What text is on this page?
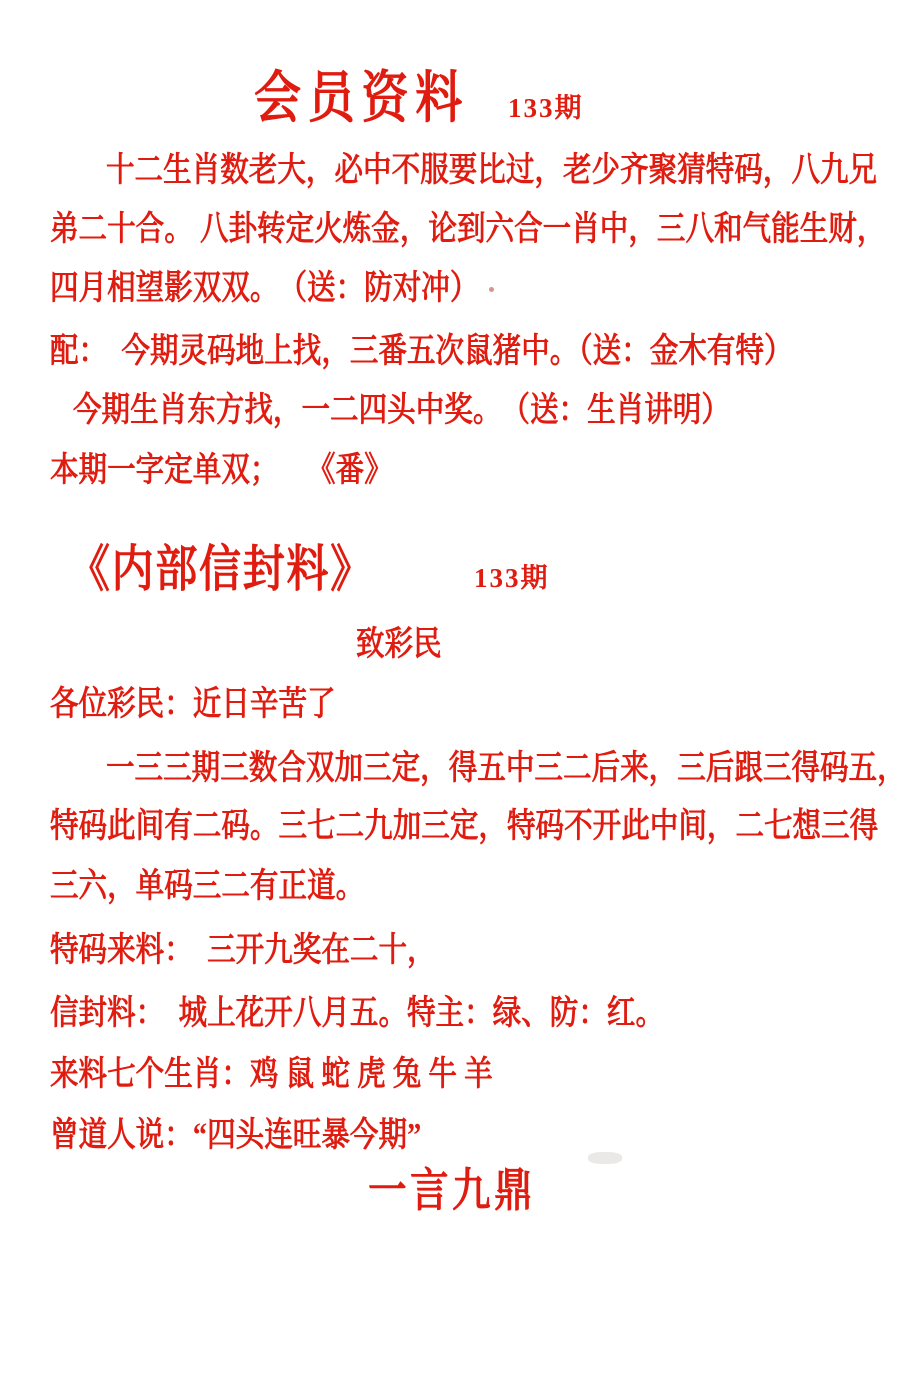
会员资料 133期
十二生肖数老大，必中不服要比过，老少齐聚猜特码，八九兄
弟二十合。 八卦转定火炼金，论到六合一肖中，三八和气能生财，
四月相望影双双。　（送：防对冲）
配：　今期灵码地上找，三番五次鼠猪中。（送：金木有特）
今期生肖东方找，一二四头中奖。　（送：生肖讲明）
本期一字定单双；　　《番》
《内部信封料》	133期
致彩民
各位彩民：近日辛苦了
一三三期三数合双加三定，得五中三二后来，三后跟三得码五，
特码此间有二码。三七二九加三定，特码不开此中间，二七想三得
三六，单码三二有正道。
特码来料：　三开九奖在二十，
信封料：　城上花开八月五。特主：绿、防：红。
来料七个生肖：鸡 鼠 蛇 虎 兔 牛 羊
曾道人说：“四头连旺暴今期”
一言九鼎
